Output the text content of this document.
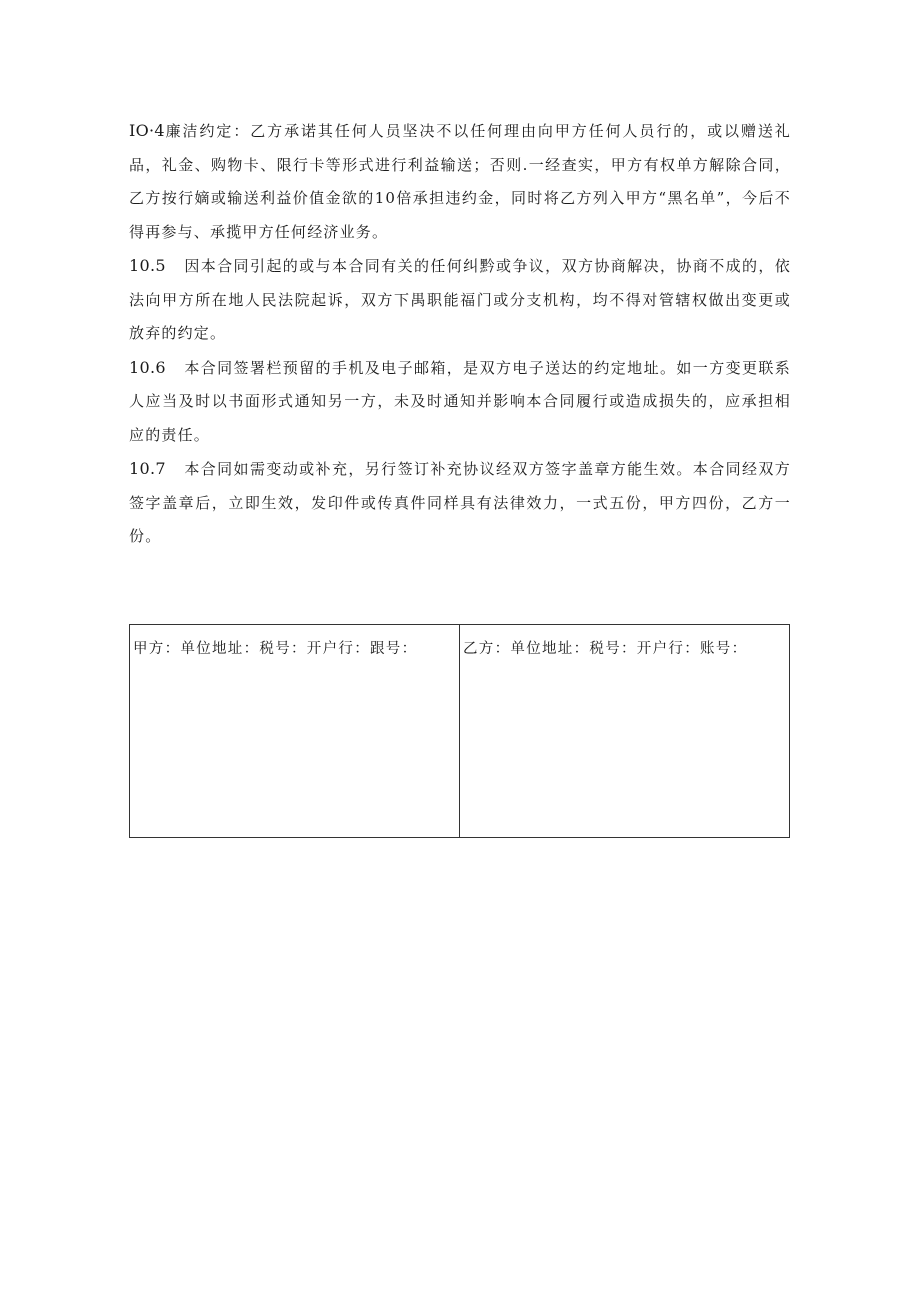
IO·4廉洁约定：乙方承诺其任何人员坚决不以任何理由向甲方任何人员行的，或以赠送礼品，礼金、购物卡、限行卡等形式进行利益输送；否则.一经查实，甲方有权单方解除合同，乙方按行嫡或输送利益价值金欲的10倍承担违约金，同时将乙方列入甲方“黑名单”，今后不得再参与、承揽甲方任何经济业务。

10.5 因本合同引起的或与本合同有关的任何纠黔或争议，双方协商解决，协商不成的，依法向甲方所在地人民法院起诉，双方下禺职能福门或分支机构，均不得对管辖权做出变更或放弃的约定。

10.6 本合同签署栏预留的手机及电子邮箱，是双方电子送达的约定地址。如一方变更联系人应当及时以书面形式通知另一方，未及时通知并影响本合同履行或造成损失的，应承担相应的责任。

10.7 本合同如需变动或补充，另行签订补充协议经双方签字盖章方能生效。本合同经双方签字盖章后，立即生效，发印件或传真件同样具有法律效力，一式五份，甲方四份，乙方一份。

甲方：单位地址：税号：开户行：跟号：	乙方：单位地址：税号：开户行：账号：
